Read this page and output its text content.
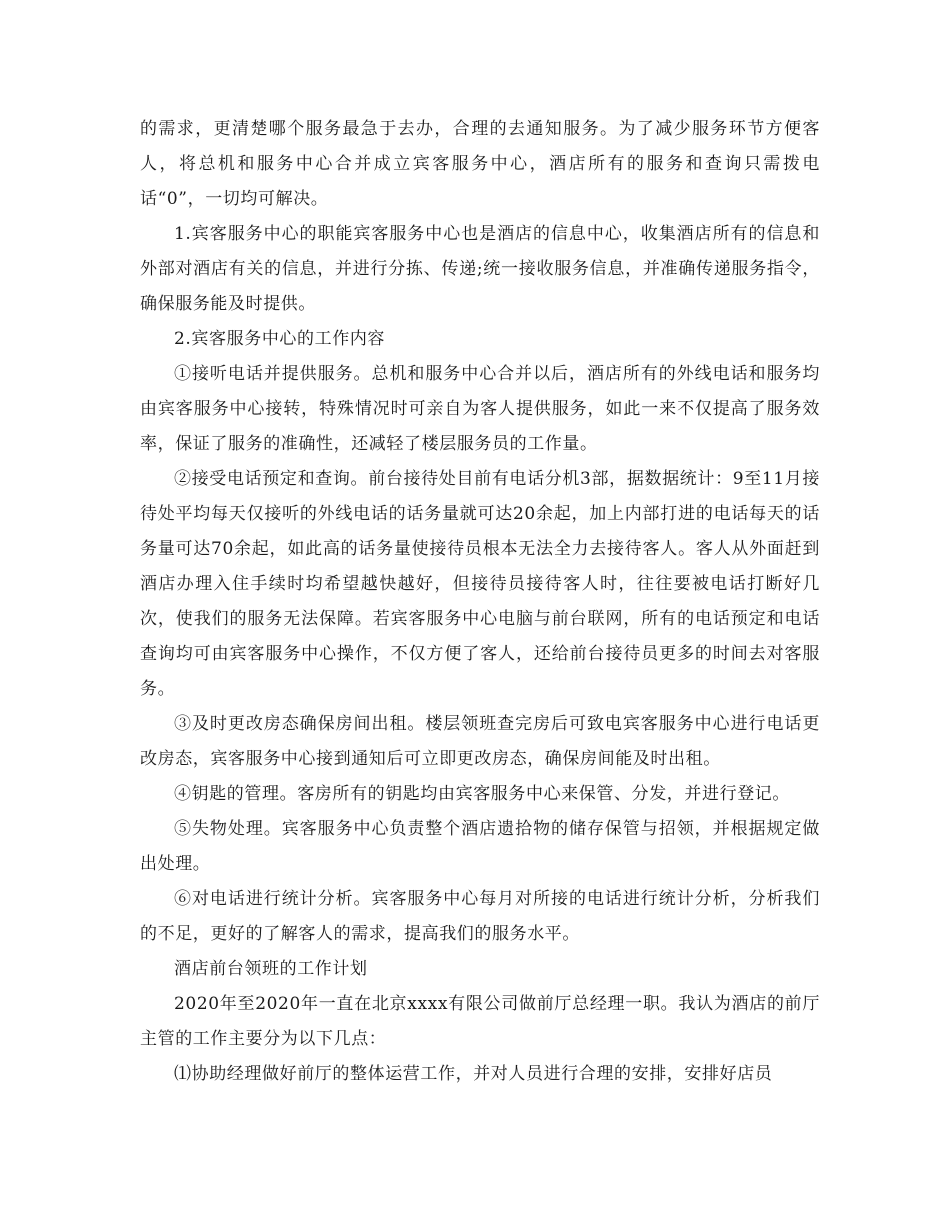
的需求，更清楚哪个服务最急于去办，合理的去通知服务。为了减少服务环节方便客人，将总机和服务中心合并成立宾客服务中心，酒店所有的服务和查询只需拨电话“0”，一切均可解决。

1.宾客服务中心的职能宾客服务中心也是酒店的信息中心，收集酒店所有的信息和外部对酒店有关的信息，并进行分拣、传递;统一接收服务信息，并准确传递服务指令，确保服务能及时提供。

2.宾客服务中心的工作内容

①接听电话并提供服务。总机和服务中心合并以后，酒店所有的外线电话和服务均由宾客服务中心接转，特殊情况时可亲自为客人提供服务，如此一来不仅提高了服务效率，保证了服务的准确性，还减轻了楼层服务员的工作量。

②接受电话预定和查询。前台接待处目前有电话分机3部，据数据统计：9至11月接待处平均每天仅接听的外线电话的话务量就可达20余起，加上内部打进的电话每天的话务量可达70余起，如此高的话务量使接待员根本无法全力去接待客人。客人从外面赶到酒店办理入住手续时均希望越快越好，但接待员接待客人时，往往要被电话打断好几次，使我们的服务无法保障。若宾客服务中心电脑与前台联网，所有的电话预定和电话查询均可由宾客服务中心操作，不仅方便了客人，还给前台接待员更多的时间去对客服务。

③及时更改房态确保房间出租。楼层领班查完房后可致电宾客服务中心进行电话更改房态，宾客服务中心接到通知后可立即更改房态，确保房间能及时出租。

④钥匙的管理。客房所有的钥匙均由宾客服务中心来保管、分发，并进行登记。

⑤失物处理。宾客服务中心负责整个酒店遗拾物的储存保管与招领，并根据规定做出处理。

⑥对电话进行统计分析。宾客服务中心每月对所接的电话进行统计分析，分析我们的不足，更好的了解客人的需求，提高我们的服务水平。

酒店前台领班的工作计划

2020年至2020年一直在北京xxxx有限公司做前厅总经理一职。我认为酒店的前厅主管的工作主要分为以下几点：

⑴协助经理做好前厅的整体运营工作，并对人员进行合理的安排，安排好店员
